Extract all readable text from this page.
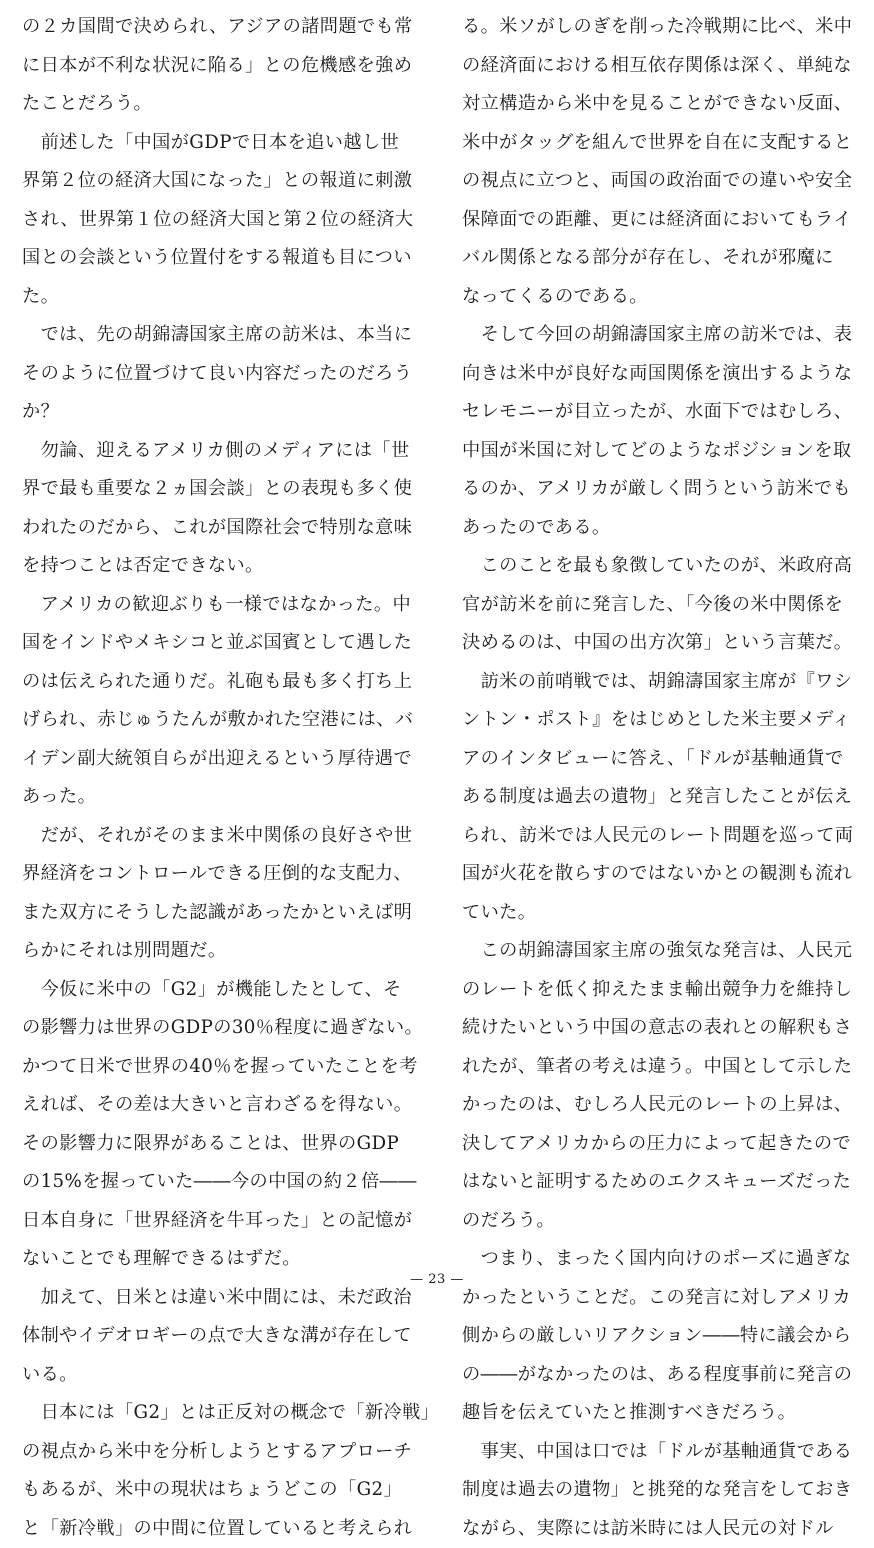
の２カ国間で決められ、アジアの諸問題でも常
に日本が不利な状況に陥る」との危機感を強め
たことだろう。
　前述した「中国がGDPで日本を追い越し世
界第２位の経済大国になった」との報道に刺激
され、世界第１位の経済大国と第２位の経済大
国との会談という位置付をする報道も目につい
た。
　では、先の胡錦濤国家主席の訪米は、本当に
そのように位置づけて良い内容だったのだろう
か？
　勿論、迎えるアメリカ側のメディアには「世
界で最も重要な２ヵ国会談」との表現も多く使
われたのだから、これが国際社会で特別な意味
を持つことは否定できない。
　アメリカの歓迎ぶりも一様ではなかった。中
国をインドやメキシコと並ぶ国賓として遇した
のは伝えられた通りだ。礼砲も最も多く打ち上
げられ、赤じゅうたんが敷かれた空港には、バ
イデン副大統領自らが出迎えるという厚待遇で
あった。
　だが、それがそのまま米中関係の良好さや世
界経済をコントロールできる圧倒的な支配力、
また双方にそうした認識があったかといえば明
らかにそれは別問題だ。
　今仮に米中の「G2」が機能したとして、そ
の影響力は世界のGDPの30％程度に過ぎない。
かつて日米で世界の40％を握っていたことを考
えれば、その差は大きいと言わざるを得ない。
その影響力に限界があることは、世界のGDP
の15%を握っていた――今の中国の約２倍――
日本自身に「世界経済を牛耳った」との記憶が
ないことでも理解できるはずだ。
　加えて、日米とは違い米中間には、未だ政治
体制やイデオロギーの点で大きな溝が存在して
いる。
　日本には「G2」とは正反対の概念で「新冷戦」
の視点から米中を分析しようとするアプローチ
もあるが、米中の現状はちょうどこの「G2」
と「新冷戦」の中間に位置していると考えられ
る。米ソがしのぎを削った冷戦期に比べ、米中
の経済面における相互依存関係は深く、単純な
対立構造から米中を見ることができない反面、
米中がタッグを組んで世界を自在に支配すると
の視点に立つと、両国の政治面での違いや安全
保障面での距離、更には経済面においてもライ
バル関係となる部分が存在し、それが邪魔に
なってくるのである。
　そして今回の胡錦濤国家主席の訪米では、表
向きは米中が良好な両国関係を演出するような
セレモニーが目立ったが、水面下ではむしろ、
中国が米国に対してどのようなポジションを取
るのか、アメリカが厳しく問うという訪米でも
あったのである。
　このことを最も象徴していたのが、米政府高
官が訪米を前に発言した、「今後の米中関係を
決めるのは、中国の出方次第」という言葉だ。
　訪米の前哨戦では、胡錦濤国家主席が『ワシ
ントン・ポスト』をはじめとした米主要メディ
アのインタビューに答え、「ドルが基軸通貨で
ある制度は過去の遺物」と発言したことが伝え
られ、訪米では人民元のレート問題を巡って両
国が火花を散らすのではないかとの観測も流れ
ていた。
　この胡錦濤国家主席の強気な発言は、人民元
のレートを低く抑えたまま輸出競争力を維持し
続けたいという中国の意志の表れとの解釈もさ
れたが、筆者の考えは違う。中国として示した
かったのは、むしろ人民元のレートの上昇は、
決してアメリカからの圧力によって起きたので
はないと証明するためのエクスキューズだった
のだろう。
　つまり、まったく国内向けのポーズに過ぎな
かったということだ。この発言に対しアメリカ
側からの厳しいリアクション――特に議会から
の――がなかったのは、ある程度事前に発言の
趣旨を伝えていたと推測すべきだろう。
　事実、中国は口では「ドルが基軸通貨である
制度は過去の遺物」と挑発的な発言をしておき
ながら、実際には訪米時には人民元の対ドル
— 23 —
